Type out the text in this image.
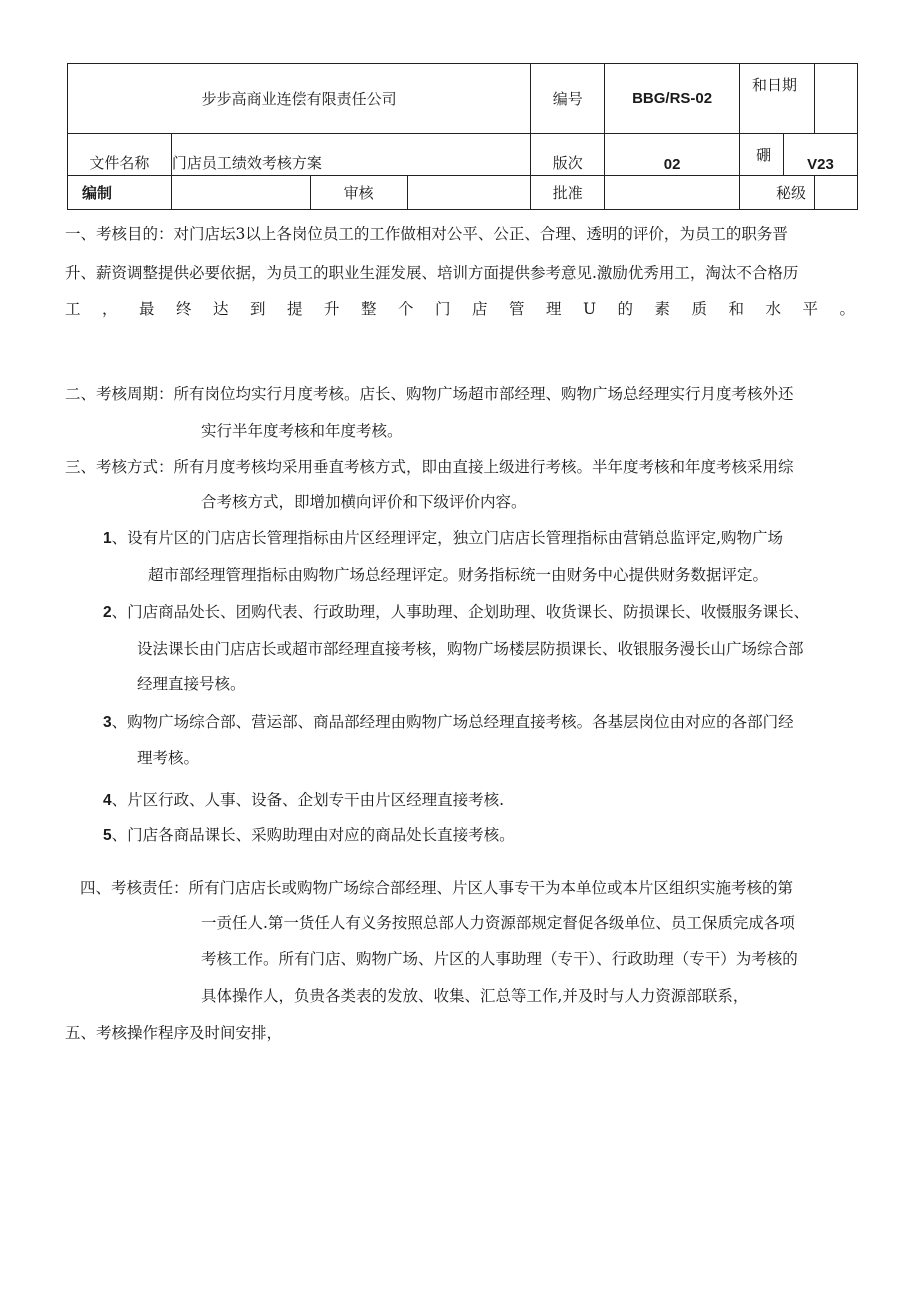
步步高商业连偿有限责任公司				编号	BBG/RS-02	和日期		
文件名称	门店员工绩效考核方案			版次	02	硼	V23	
编制		审核		批准		秘级		

一、考核目的：对门店坛3以上各岗位员工的工作做相对公平、公正、合理、透明的评价，为员工的职务晋

升、薪资调整提供必要依据，为员工的职业生涯发展、培训方面提供参考意见.激励优秀用工，淘汰不合格历

工，最终达到提升整个门店管理U的素质和水平。

二、考核周期：所有岗位均实行月度考核。店长、购物广场超市部经理、购物广场总经理实行月度考核外还

实行半年度考核和年度考核。

三、考核方式：所有月度考核均采用垂直考核方式，即由直接上级进行考核。半年度考核和年度考核采用综

合考核方式，即增加横向评价和下级评价内容。

1、设有片区的门店店长管理指标由片区经理评定，独立门店店长管理指标由营销总监评定,购物广场

超市部经理管理指标由购物广场总经理评定。财务指标统一由财务中心提供财务数据评定。

2、门店商品处长、团购代表、行政助理，人事助理、企划助理、收货课长、防损课长、收慑服务课长、

设法课长由门店店长或超市部经理直接考核，购物广场楼层防损课长、收银服务漫长山广场综合部

经理直接号核。

3、购物广场综合部、营运部、商品部经理由购物广场总经理直接考核。各基层岗位由对应的各部门经

理考核。

4、片区行政、人事、设备、企划专干由片区经理直接考核.

5、门店各商品课长、采购助理由对应的商品处长直接考核。

四、考核责任：所有门店店长或购物广场综合部经理、片区人事专干为本单位或本片区组织实施考核的第

一贡任人.第一货任人有义务按照总部人力资源部规定督促各级单位、员工保质完成各项

考核工作。所有门店、购物广场、片区的人事助理（专干）、行政助理（专干）为考核的

具体操作人，负贵各类表的发放、收集、汇总等工作,并及时与人力资源部联系，

五、考核操作程序及时间安排，
